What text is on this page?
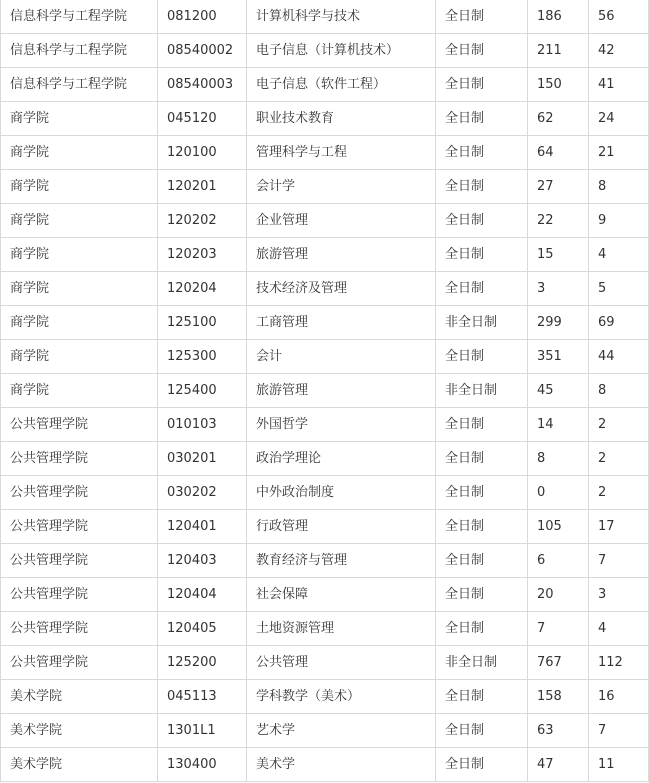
信息科学与工程学院	081200	计算机科学与技术	全日制	186	56
信息科学与工程学院	08540002	电子信息（计算机技术）	全日制	211	42
信息科学与工程学院	08540003	电子信息（软件工程）	全日制	150	41
商学院	045120	职业技术教育	全日制	62	24
商学院	120100	管理科学与工程	全日制	64	21
商学院	120201	会计学	全日制	27	8
商学院	120202	企业管理	全日制	22	9
商学院	120203	旅游管理	全日制	15	4
商学院	120204	技术经济及管理	全日制	3	5
商学院	125100	工商管理	非全日制	299	69
商学院	125300	会计	全日制	351	44
商学院	125400	旅游管理	非全日制	45	8
公共管理学院	010103	外国哲学	全日制	14	2
公共管理学院	030201	政治学理论	全日制	8	2
公共管理学院	030202	中外政治制度	全日制	0	2
公共管理学院	120401	行政管理	全日制	105	17
公共管理学院	120403	教育经济与管理	全日制	6	7
公共管理学院	120404	社会保障	全日制	20	3
公共管理学院	120405	土地资源管理	全日制	7	4
公共管理学院	125200	公共管理	非全日制	767	112
美术学院	045113	学科教学（美术）	全日制	158	16
美术学院	1301L1	艺术学	全日制	63	7
美术学院	130400	美术学	全日制	47	11
